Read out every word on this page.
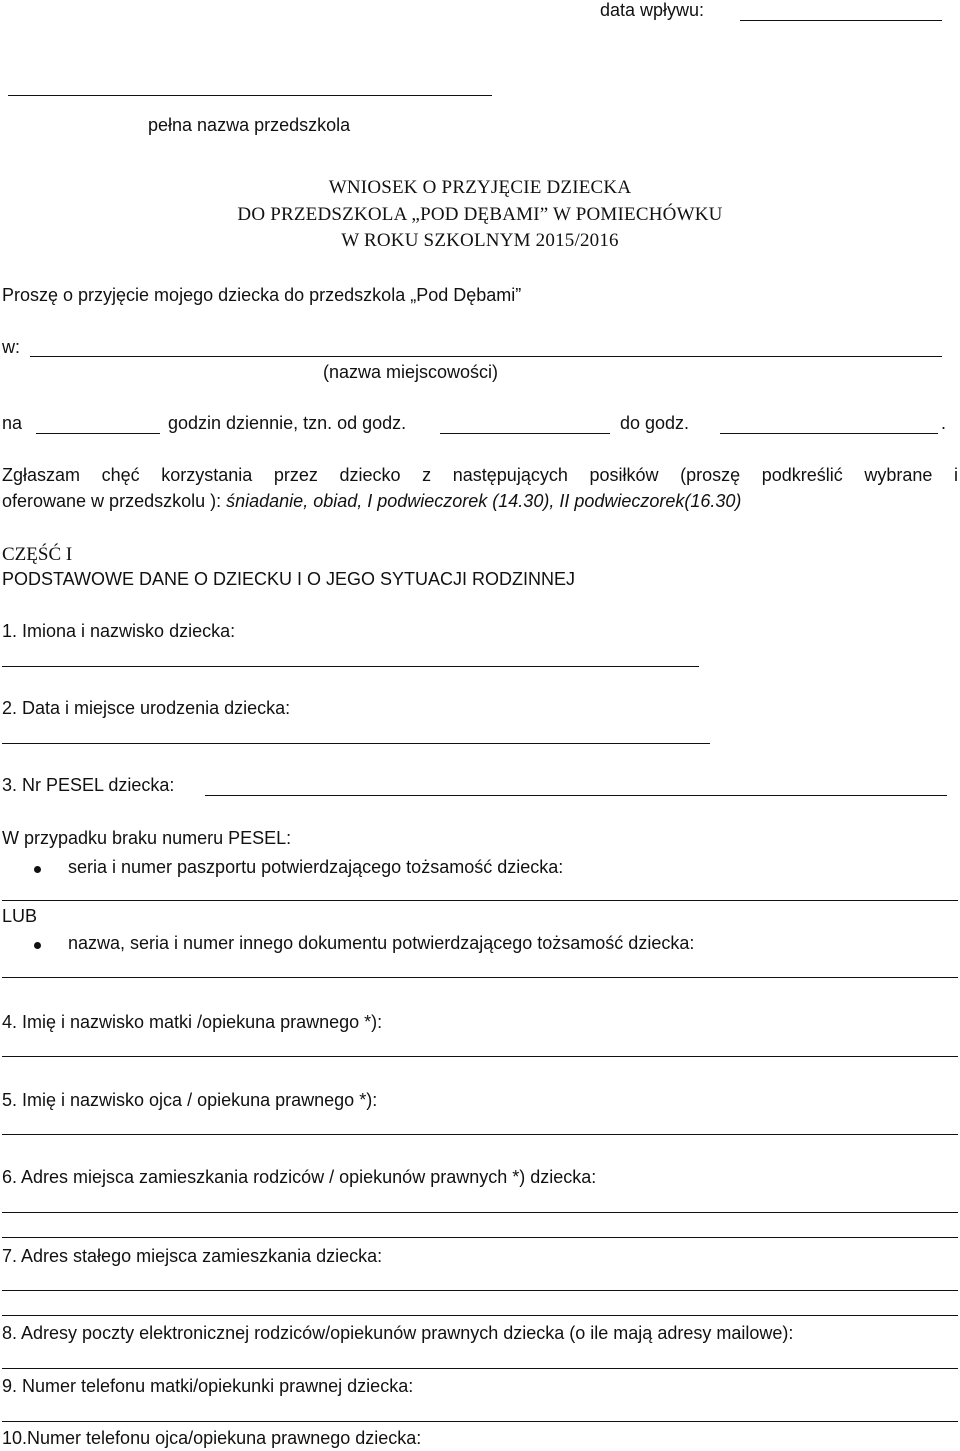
data wpływu:
pełna nazwa przedszkola
WNIOSEK O PRZYJĘCIE DZIECKA
DO PRZEDSZKOLA „POD DĘBAMI” W POMIECHÓWKU
W ROKU SZKOLNYM 2015/2016
Proszę o przyjęcie mojego dziecka do przedszkola „Pod Dębami”
w:
(nazwa miejscowości)
na	godzin dziennie, tzn. od godz.	do godz.	.
Zgłaszam chęć korzystania przez dziecko z następujących posiłków (proszę podkreślić wybrane i
oferowane w przedszkolu ): śniadanie, obiad, I podwieczorek (14.30), II podwieczorek(16.30)
CZĘŚĆ I
PODSTAWOWE DANE O DZIECKU I O JEGO SYTUACJI RODZINNEJ
1. Imiona i nazwisko dziecka:
2. Data i miejsce urodzenia dziecka:
3. Nr PESEL dziecka:
W przypadku braku numeru PESEL:
seria i numer paszportu potwierdzającego tożsamość dziecka:
LUB
nazwa, seria i numer innego dokumentu potwierdzającego tożsamość dziecka:
4. Imię i nazwisko matki /opiekuna prawnego *):
5. Imię i nazwisko ojca / opiekuna prawnego *):
6. Adres miejsca zamieszkania rodziców / opiekunów prawnych *) dziecka:
7. Adres stałego miejsca zamieszkania dziecka:
8. Adresy poczty elektronicznej rodziców/opiekunów prawnych dziecka (o ile mają adresy mailowe):
9. Numer telefonu matki/opiekunki prawnej dziecka:
10.Numer telefonu ojca/opiekuna prawnego dziecka:
